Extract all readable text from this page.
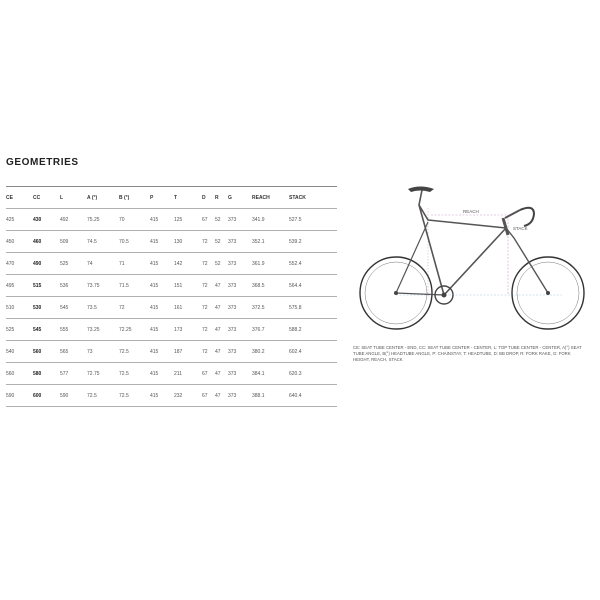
GEOMETRIES
CE	CC	L	A (°)	B (°)	P	T	D	R	G	REACH	STACK
425	430	492	75.25	70	415	125	67	52	373	341.9	527.5
450	460	509	74.5	70.5	415	130	72	52	373	352.1	539.2
470	490	525	74	71	415	142	72	52	373	361.9	552.4
495	515	536	73.75	71.5	415	151	72	47	373	368.5	564.4
510	530	545	73.5	72	415	161	72	47	373	372.5	575.8
525	545	555	73.25	72.25	415	173	72	47	373	376.7	588.2
540	560	565	73	72.5	415	187	72	47	373	380.2	602.4
560	580	577	72.75	72.5	415	211	67	47	373	384.1	620.3
590	600	590	72.5	72.5	415	232	67	47	373	388.1	640.4
REACH
STACK
CE: SEAT TUBE CENTER - END, CC: SEAT TUBE CENTER - CENTER, L: TOP TUBE CENTER - CENTER, A(°) SEAT TUBE ANGLE, B(°) HEADTUBE ANGLE, P: CHAINSTAY, T: HEADTUBE, D: BB DROP, R: FORK RAKE, G: FORK HEIGHT, REACH, STACK
